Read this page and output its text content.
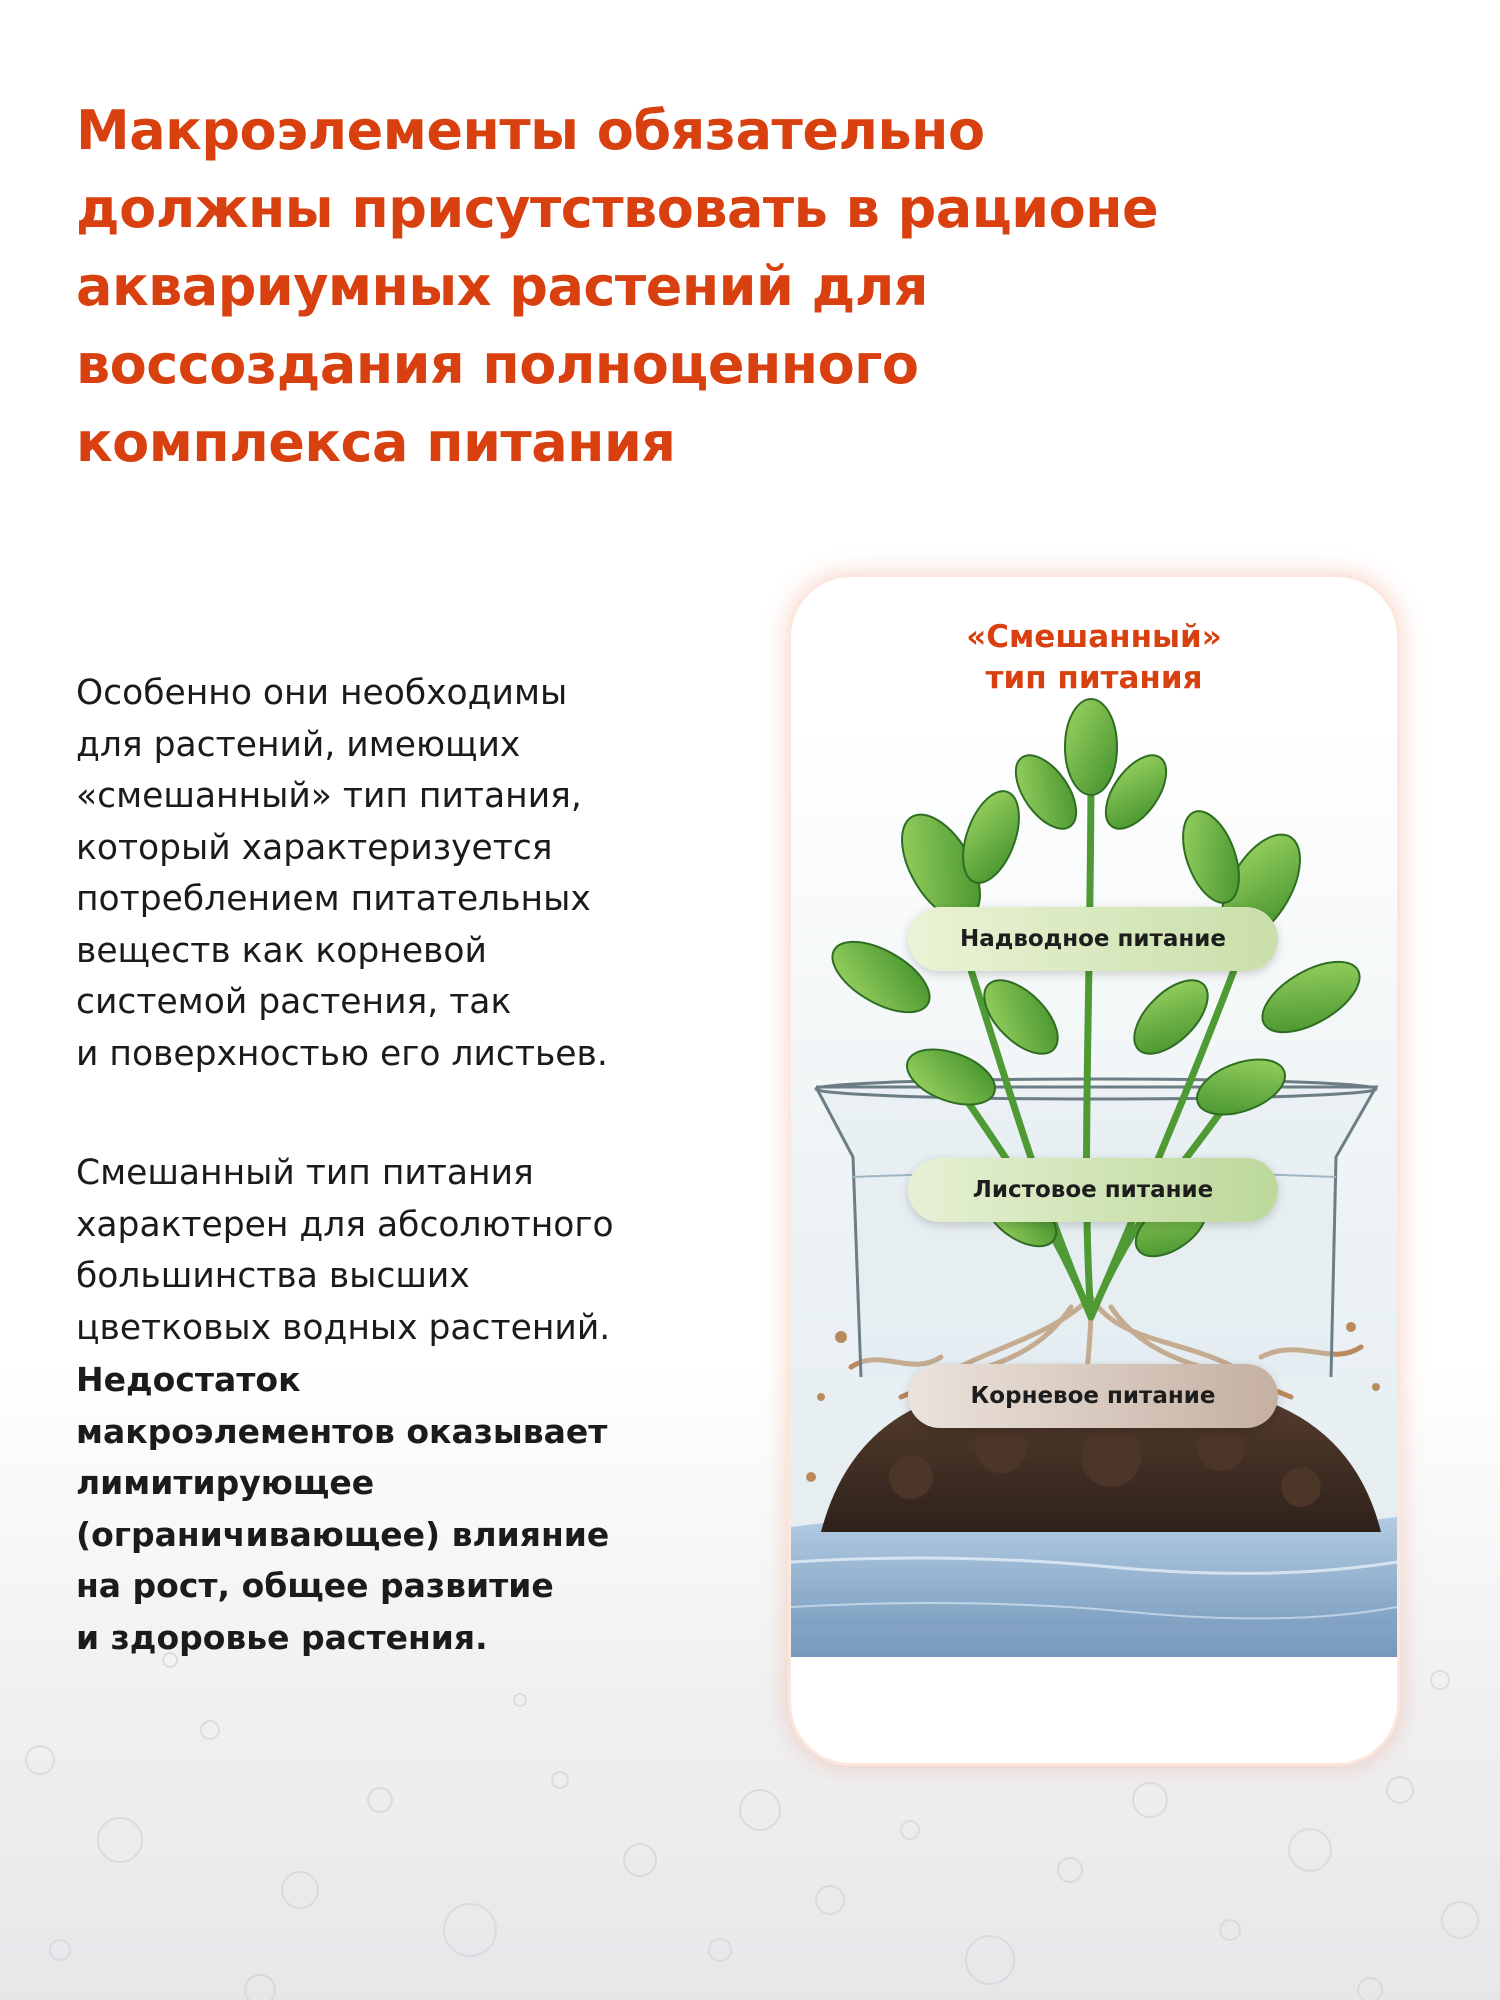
Макроэлементы обязательно
должны присутствовать в рационе
аквариумных растений для
воссоздания полноценного
комплекса питания
Особенно они необходимы
для растений, имеющих
«смешанный» тип питания,
который характеризуется
потреблением питательных
веществ как корневой
системой растения, так
и поверхностью его листьев.
Смешанный тип питания
характерен для абсолютного
большинства высших
цветковых водных растений.
Недостаток
макроэлементов оказывает
лимитирующее
(ограничивающее) влияние
на рост, общее развитие
и здоровье растения.
«Смешанный»
тип питания
Надводное питание
Листовое питание
Корневое питание
